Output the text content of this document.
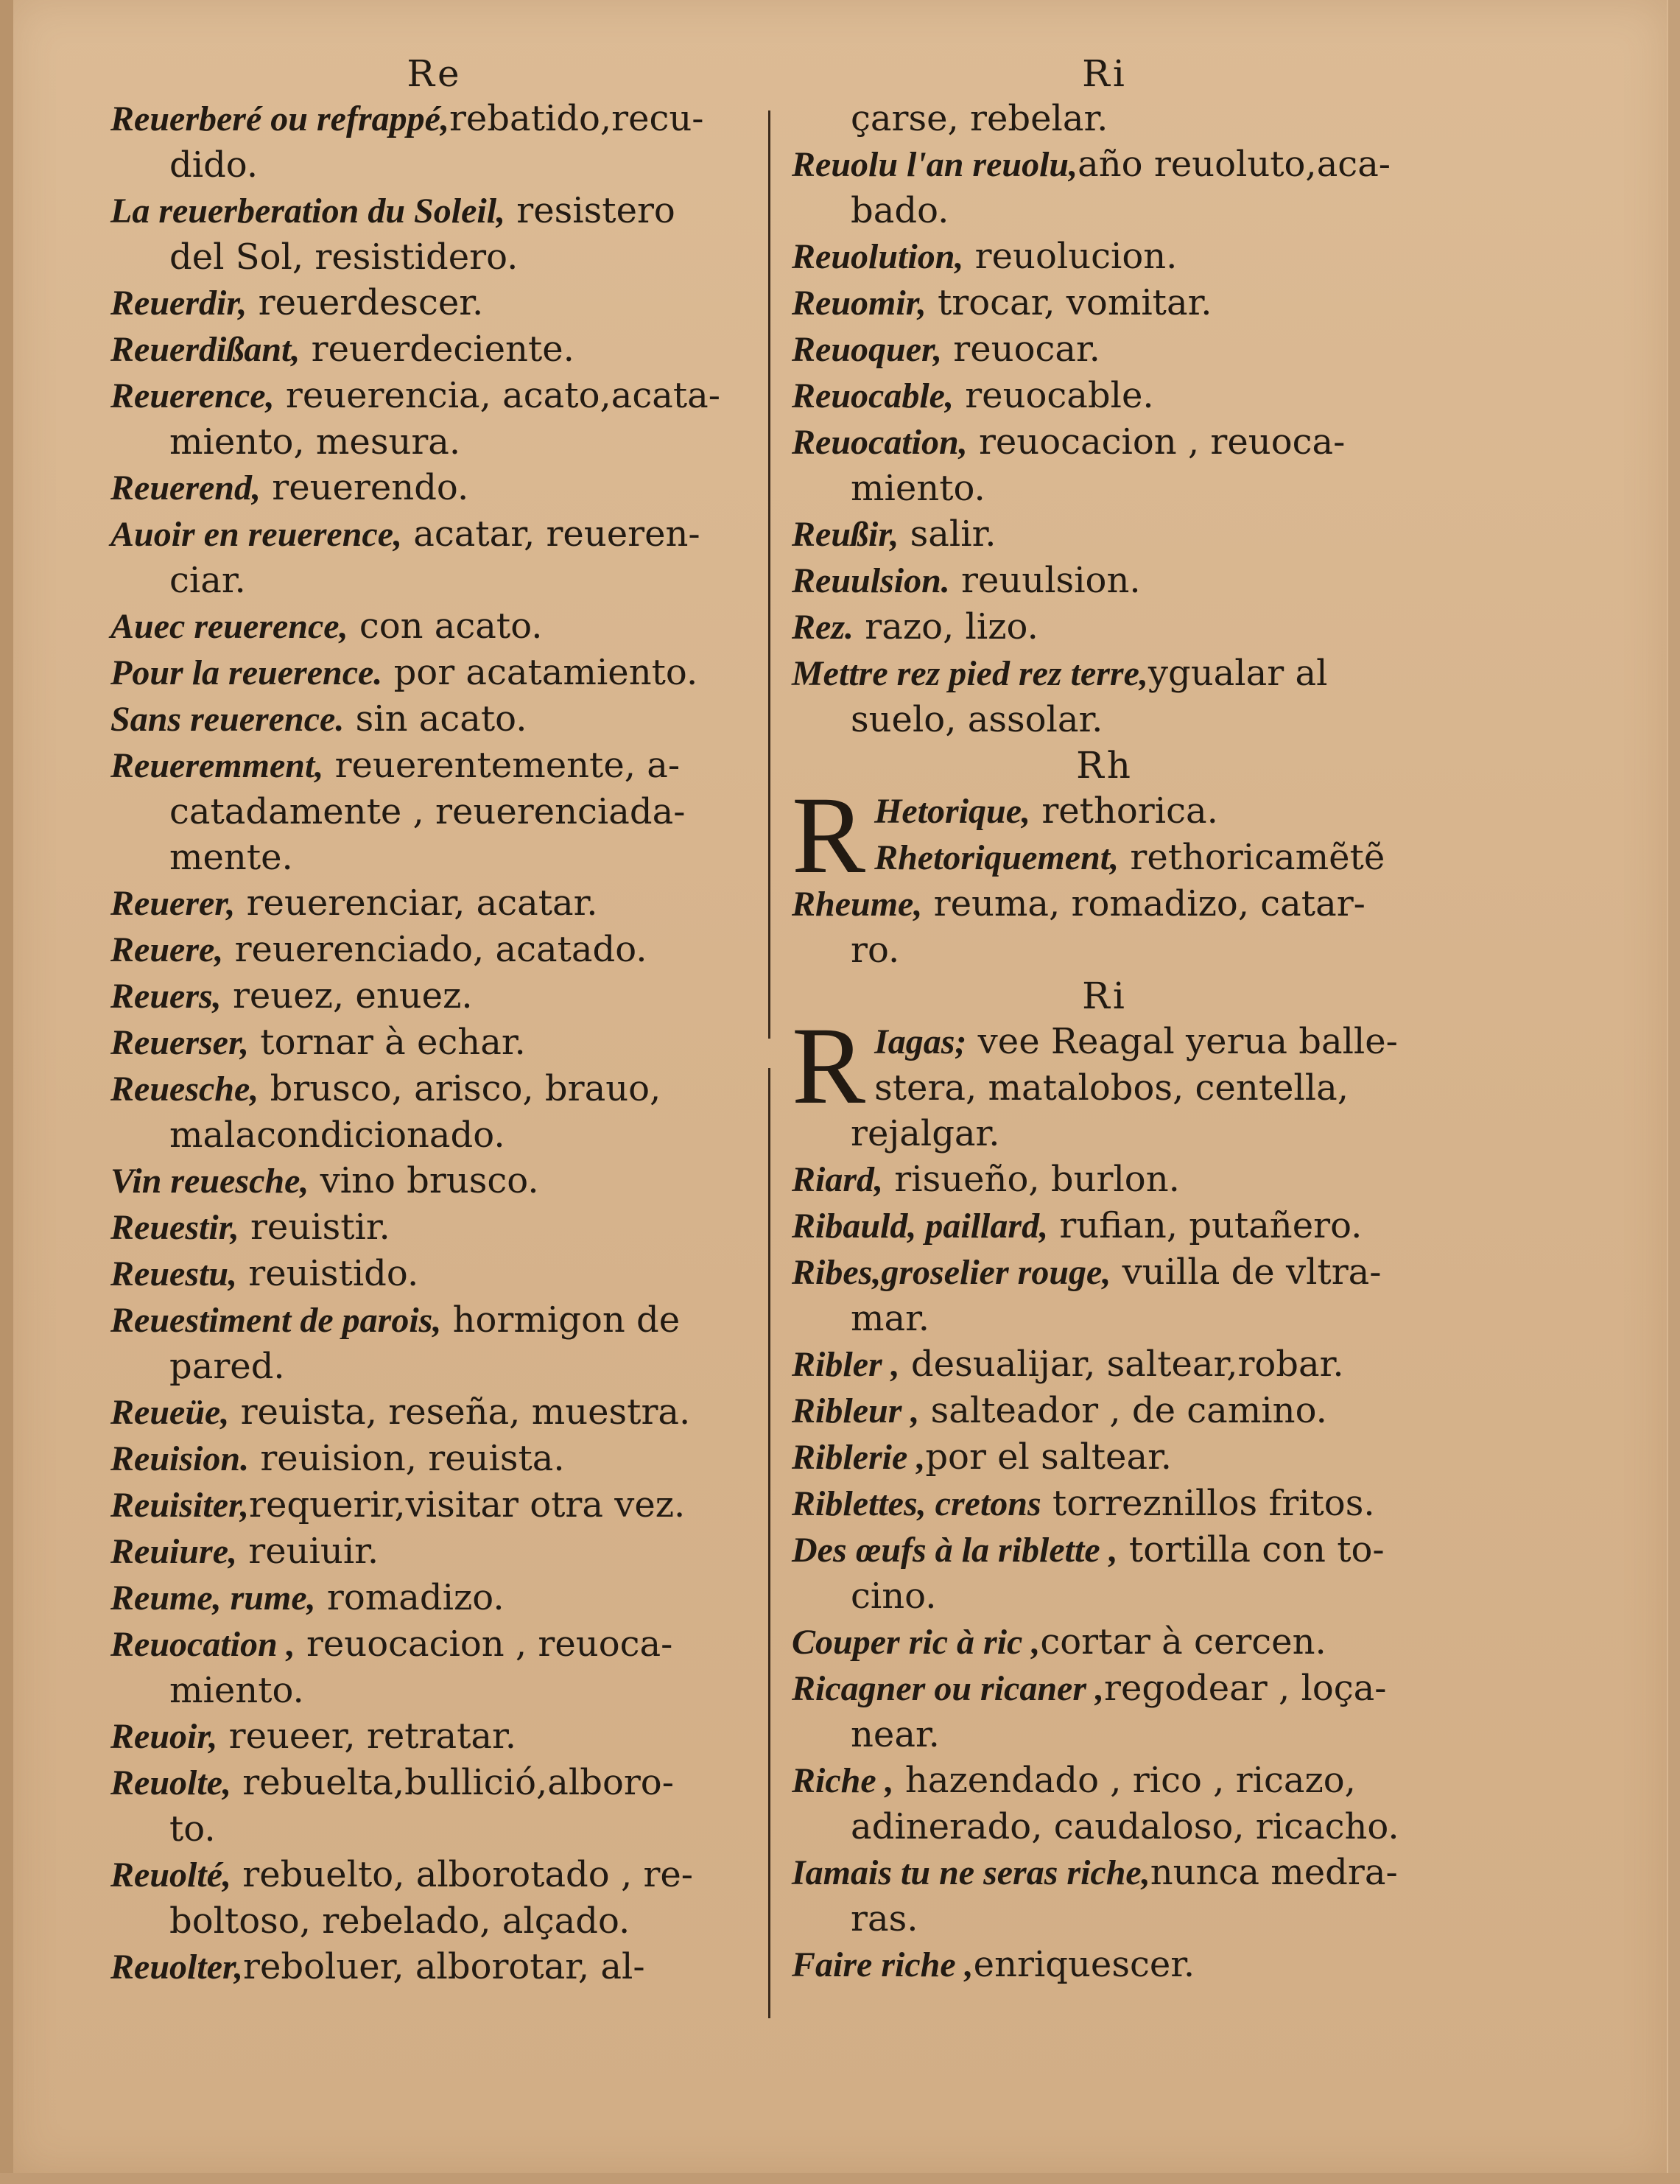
Re
Reuerberé ou refrappé,rebatido,recu-
dido.
La reuerberation du Soleil, resistero
del Sol, resistidero.
Reuerdir, reuerdescer.
Reuerdißant, reuerdeciente.
Reuerence, reuerencia, acato,acata-
miento, mesura.
Reuerend, reuerendo.
Auoir en reuerence, acatar, reueren-
ciar.
Auec reuerence, con acato.
Pour la reuerence. por acatamiento.
Sans reuerence. sin acato.
Reueremment, reuerentemente, a-
catadamente , reuerenciada-
mente.
Reuerer, reuerenciar, acatar.
Reuere, reuerenciado, acatado.
Reuers, reuez, enuez.
Reuerser, tornar à echar.
Reuesche, brusco, arisco, brauo,
malacondicionado.
Vin reuesche, vino brusco.
Reuestir, reuistir.
Reuestu, reuistido.
Reuestiment de parois, hormigon de
pared.
Reueüe, reuista, reseña, muestra.
Reuision. reuision, reuista.
Reuisiter,requerir,visitar otra vez.
Reuiure, reuiuir.
Reume, rume, romadizo.
Reuocation , reuocacion , reuoca-
miento.
Reuoir, reueer, retratar.
Reuolte, rebuelta,bullició,alboro-
to.
Reuolté, rebuelto, alborotado , re-
boltoso, rebelado, alçado.
Reuolter,reboluer, alborotar, al-
Ri
çarse, rebelar.
Reuolu l'an reuolu,año reuoluto,aca-
bado.
Reuolution, reuolucion.
Reuomir, trocar, vomitar.
Reuoquer, reuocar.
Reuocable, reuocable.
Reuocation, reuocacion , reuoca-
miento.
Reußir, salir.
Reuulsion. reuulsion.
Rez. razo, lizo.
Mettre rez pied rez terre,ygualar al
suelo, assolar.
Rh
R Hetorique, rethorica.
Rhetoriquement, rethoricamẽtẽ
Rheume, reuma, romadizo, catar-
ro.
Ri
R Iagas; vee Reagal yerua balle-
stera, matalobos, centella,
rejalgar.
Riard, risueño, burlon.
Ribauld, paillard, rufian, putañero.
Ribes,groselier rouge, vuilla de vltra-
mar.
Ribler , desualijar, saltear,robar.
Ribleur , salteador , de camino.
Riblerie ,por el saltear.
Riblettes, cretons torreznillos fritos.
Des œufs à la riblette , tortilla con to-
cino.
Couper ric à ric ,cortar à cercen.
Ricagner ou ricaner ,regodear , loça-
near.
Riche , hazendado , rico , ricazo,
adinerado, caudaloso, ricacho.
Iamais tu ne seras riche,nunca medra-
ras.
Faire riche ,enriquescer.
